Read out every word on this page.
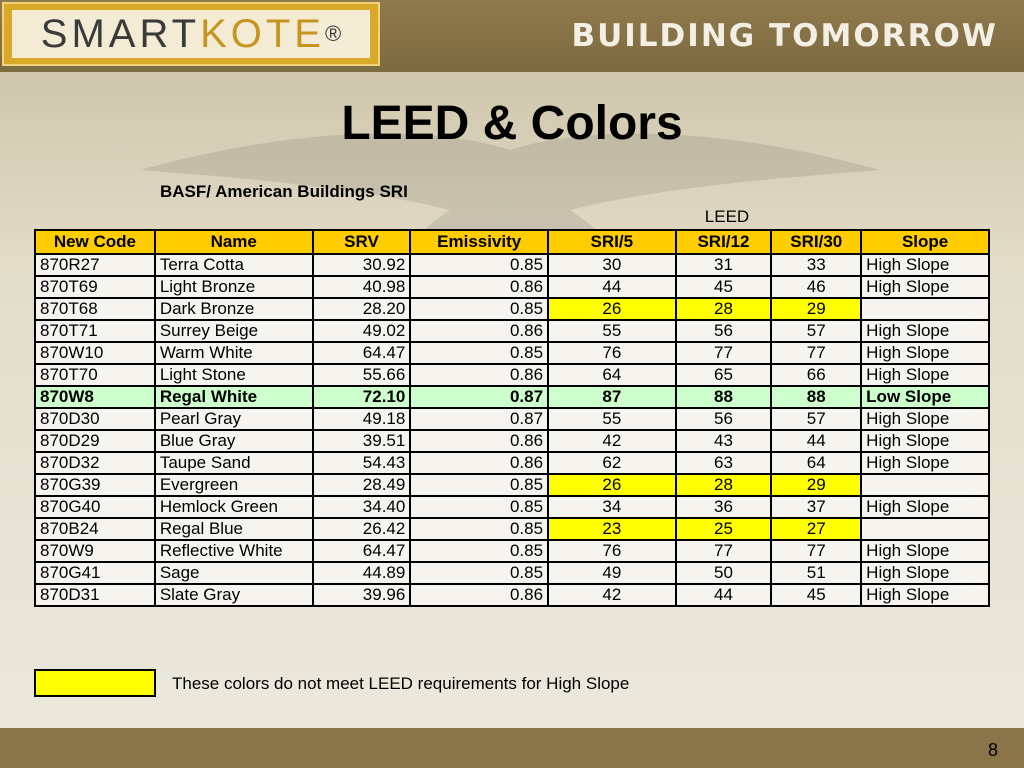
SMART KOTE ®	BUILDING TOMORROW
LEED & Colors
BASF/ American Buildings SRI
LEED
New Code	Name	SRV	Emissivity	SRI/5	SRI/12	SRI/30	Slope
870R27	Terra Cotta	30.92	0.85	30	31	33	High Slope
870T69	Light Bronze	40.98	0.86	44	45	46	High Slope
870T68	Dark Bronze	28.20	0.85	26	28	29	
870T71	Surrey Beige	49.02	0.86	55	56	57	High Slope
870W10	Warm White	64.47	0.85	76	77	77	High Slope
870T70	Light Stone	55.66	0.86	64	65	66	High Slope
870W8	Regal White	72.10	0.87	87	88	88	Low Slope
870D30	Pearl Gray	49.18	0.87	55	56	57	High Slope
870D29	Blue Gray	39.51	0.86	42	43	44	High Slope
870D32	Taupe Sand	54.43	0.86	62	63	64	High Slope
870G39	Evergreen	28.49	0.85	26	28	29	
870G40	Hemlock Green	34.40	0.85	34	36	37	High Slope
870B24	Regal Blue	26.42	0.85	23	25	27	
870W9	Reflective White	64.47	0.85	76	77	77	High Slope
870G41	Sage	44.89	0.85	49	50	51	High Slope
870D31	Slate Gray	39.96	0.86	42	44	45	High Slope
These colors do not meet LEED requirements for High Slope
8
